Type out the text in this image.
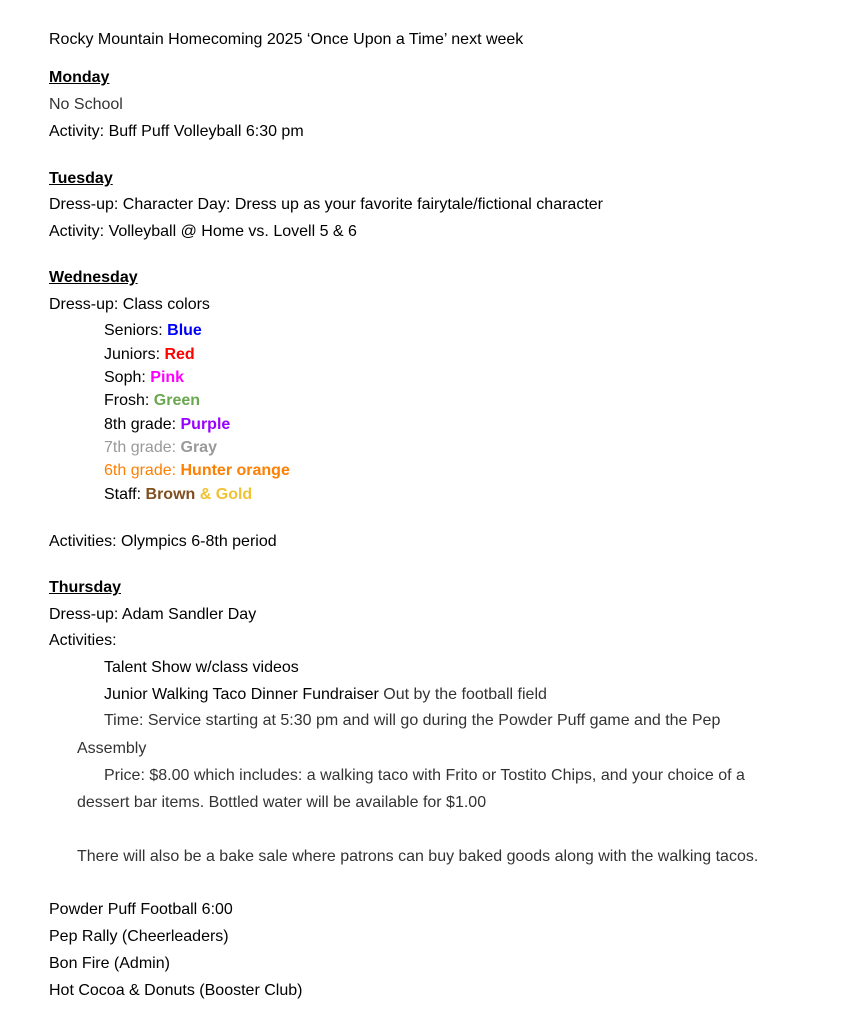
Rocky Mountain Homecoming 2025 ‘Once Upon a Time’ next week
Monday
No School
Activity: Buff Puff Volleyball 6:30 pm
Tuesday
Dress-up: Character Day: Dress up as your favorite fairytale/fictional character
Activity: Volleyball @ Home vs. Lovell 5 & 6
Wednesday
Dress-up: Class colors
Seniors: Blue
Juniors: Red
Soph: Pink
Frosh: Green
8th grade: Purple
7th grade: Gray
6th grade: Hunter orange
Staff: Brown & Gold
Activities: Olympics 6-8th period
Thursday
Dress-up: Adam Sandler Day
Activities:
Talent Show w/class videos
Junior Walking Taco Dinner Fundraiser Out by the football field
Time: Service starting at 5:30 pm and will go during the Powder Puff game and the Pep
Assembly
Price: $8.00 which includes: a walking taco with Frito or Tostito Chips, and your choice of a
dessert bar items. Bottled water will be available for $1.00
There will also be a bake sale where patrons can buy baked goods along with the walking tacos.
Powder Puff Football 6:00
Pep Rally (Cheerleaders)
Bon Fire (Admin)
Hot Cocoa & Donuts (Booster Club)
